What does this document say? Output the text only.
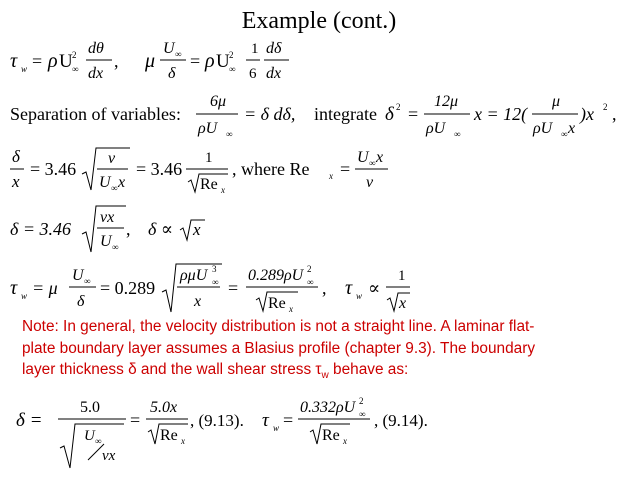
Example (cont.)
τ w = ρ U 2
∞
dθ
dx
, μ
U ∞
δ
= ρ U 2
∞
1
6
dδ
dx
Separation of variables:
6μ
ρU ∞
= δ dδ, integrate δ 2 =
12μ
ρU ∞
x = 12(
μ
ρU ∞ x
)x 2 ,
δ
x
= 3.46
ν
U ∞ x
= 3.46
1
Re x
, where Re x =
U ∞ x
ν
δ = 3.46
νx
U ∞
, δ ∝ x
τ w = μ
U ∞
δ
= 0.289
ρμU 3
∞
x
=
0.289ρU 2
∞
Re x
, τ w ∝
1
x
Note: In general, the velocity distribution is not a straight line. A laminar flat-
plate boundary layer assumes a Blasius profile (chapter 9.3). The boundary
layer thickness δ and the wall shear stress $\tau_w$ behave as:
δ =
5.0
U ∞
νx
=
5.0x
Re x
, (9.13). τ w =
0.332ρU 2
∞
Re x
, (9.14).
